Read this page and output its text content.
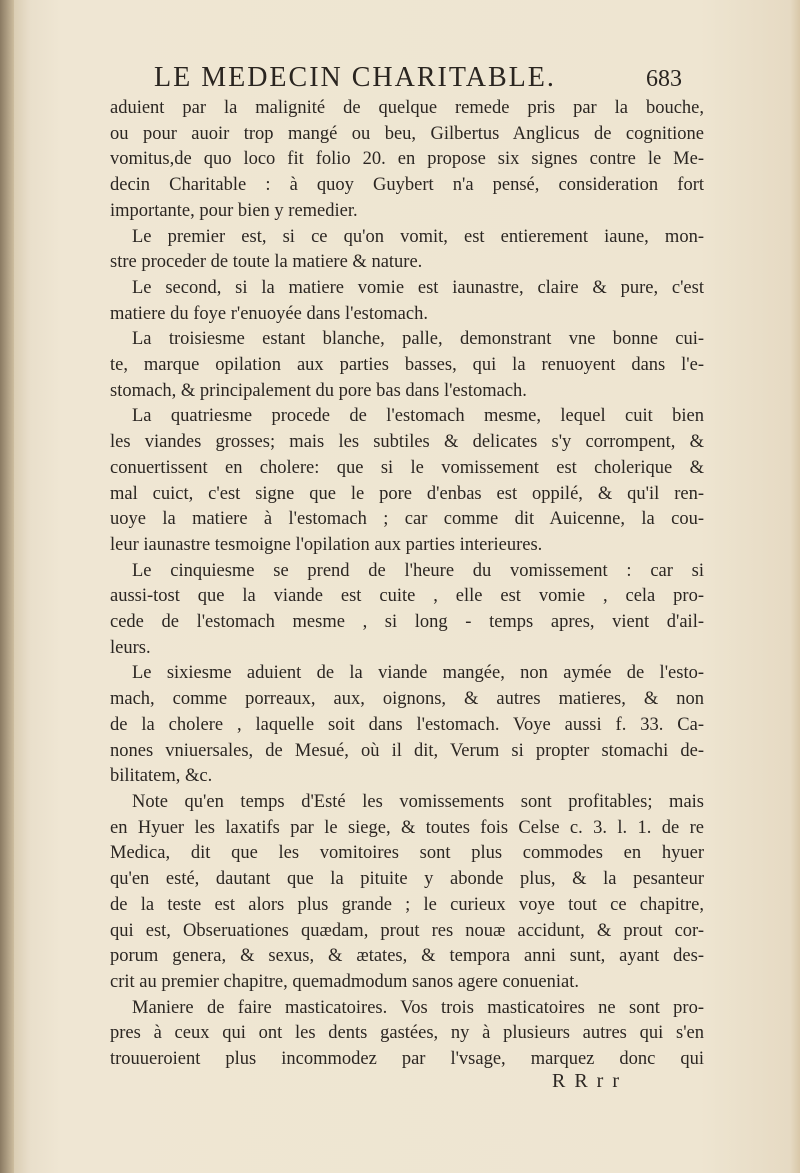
LE MEDECIN CHARITABLE.	683
aduient par la malignité de quelque remede pris par la bouche,
ou pour auoir trop mangé ou beu, Gilbertus Anglicus de cognitione
vomitus,de quo loco fit folio 20. en propose six signes contre le Me-
decin Charitable : à quoy Guybert n'a pensé, consideration fort
importante, pour bien y remedier.
Le premier est, si ce qu'on vomit, est entierement iaune, mon-
stre proceder de toute la matiere & nature.
Le second, si la matiere vomie est iaunastre, claire & pure, c'est
matiere du foye r'enuoyée dans l'estomach.
La troisiesme estant blanche, palle, demonstrant vne bonne cui-
te, marque opilation aux parties basses, qui la renuoyent dans l'e-
stomach, & principalement du pore bas dans l'estomach.
La quatriesme procede de l'estomach mesme, lequel cuit bien
les viandes grosses; mais les subtiles & delicates s'y corrompent, &
conuertissent en cholere: que si le vomissement est cholerique &
mal cuict, c'est signe que le pore d'enbas est oppilé, & qu'il ren-
uoye la matiere à l'estomach ; car comme dit Auicenne, la cou-
leur iaunastre tesmoigne l'opilation aux parties interieures.
Le cinquiesme se prend de l'heure du vomissement : car si
aussi-tost que la viande est cuite , elle est vomie , cela pro-
cede de l'estomach mesme , si long - temps apres, vient d'ail-
leurs.
Le sixiesme aduient de la viande mangée, non aymée de l'esto-
mach, comme porreaux, aux, oignons, & autres matieres, & non
de la cholere , laquelle soit dans l'estomach. Voye aussi f. 33. Ca-
nones vniuersales, de Mesué, où il dit, Verum si propter stomachi de-
bilitatem, &c.
Note qu'en temps d'Esté les vomissements sont profitables; mais
en Hyuer les laxatifs par le siege, & toutes fois Celse c. 3. l. 1. de re
Medica, dit que les vomitoires sont plus commodes en hyuer
qu'en esté, dautant que la pituite y abonde plus, & la pesanteur
de la teste est alors plus grande ; le curieux voye tout ce chapitre,
qui est, Obseruationes quædam, prout res nouæ accidunt, & prout cor-
porum genera, & sexus, & ætates, & tempora anni sunt, ayant des-
crit au premier chapitre, quemadmodum sanos agere conueniat.
Maniere de faire masticatoires. Vos trois masticatoires ne sont pro-
pres à ceux qui ont les dents gastées, ny à plusieurs autres qui s'en
trouueroient plus incommodez par l'vsage, marquez donc qui
R R r r
